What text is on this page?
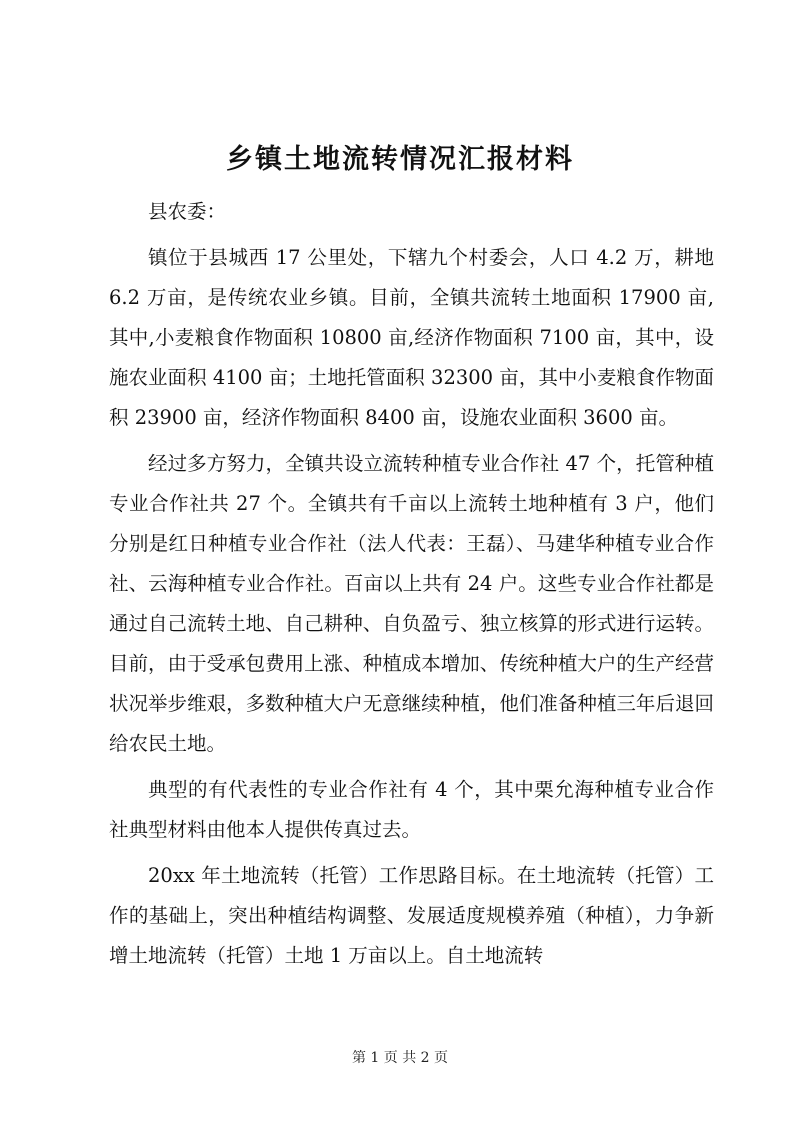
乡镇土地流转情况汇报材料

县农委：

镇位于县城西 17 公里处，下辖九个村委会，人口 4.2 万，耕地 6.2 万亩，是传统农业乡镇。目前，全镇共流转土地面积 17900 亩,其中,小麦粮食作物面积 10800 亩,经济作物面积 7100 亩，其中，设施农业面积 4100 亩；土地托管面积 32300 亩，其中小麦粮食作物面积 23900 亩，经济作物面积 8400 亩，设施农业面积 3600 亩。

经过多方努力，全镇共设立流转种植专业合作社 47 个，托管种植专业合作社共 27 个。全镇共有千亩以上流转土地种植有 3 户，他们分别是红日种植专业合作社（法人代表：王磊）、马建华种植专业合作社、云海种植专业合作社。百亩以上共有 24 户。这些专业合作社都是通过自己流转土地、自己耕种、自负盈亏、独立核算的形式进行运转。目前，由于受承包费用上涨、种植成本增加、传统种植大户的生产经营状况举步维艰，多数种植大户无意继续种植，他们准备种植三年后退回给农民土地。

典型的有代表性的专业合作社有 4 个，其中栗允海种植专业合作社典型材料由他本人提供传真过去。

20xx 年土地流转（托管）工作思路目标。在土地流转（托管）工作的基础上，突出种植结构调整、发展适度规模养殖（种植），力争新增土地流转（托管）土地 1 万亩以上。自土地流转

第 1 页 共 2 页
